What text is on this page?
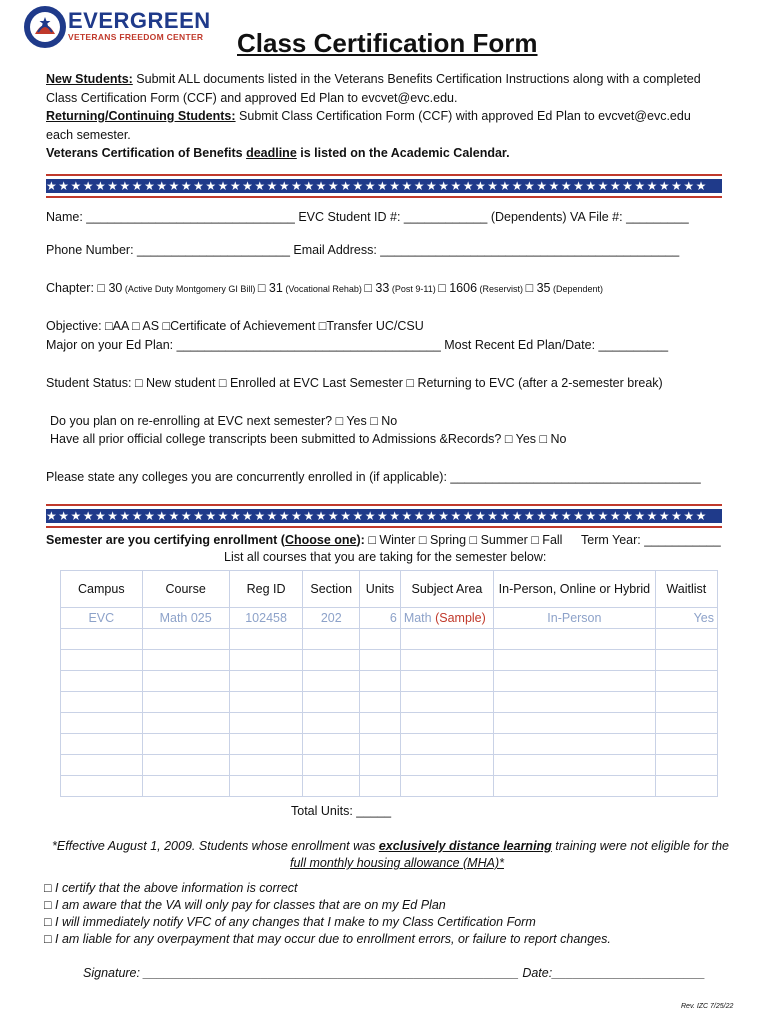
EVERGREEN
VETERANS FREEDOM CENTER Class Certification Form
New Students: Submit ALL documents listed in the Veterans Benefits Certification Instructions along with a completed
Class Certification Form (CCF) and approved Ed Plan to evcvet@evc.edu.
Returning/Continuing Students: Submit Class Certification Form (CCF) with approved Ed Plan to evcvet@evc.edu
each semester.
Veterans Certification of Benefits deadline is listed on the Academic Calendar.
★★★★★★★★★★★★★★★★★★★★★★★★★★★★★★★★★★★★★★★★★★★★★★★★★★★★★★
Name: ______________________________ EVC Student ID #: ____________ (Dependents) VA File #: _________
Phone Number: ______________________ Email Address: ___________________________________________
Chapter: □ 30 (Active Duty Montgomery GI Bill) □ 31 (Vocational Rehab) □ 33 (Post 9-11) □ 1606 (Reservist) □ 35 (Dependent)
Objective: □AA □ AS □Certificate of Achievement □Transfer UC/CSU
Major on your Ed Plan: ______________________________________ Most Recent Ed Plan/Date: __________
Student Status: □ New student □ Enrolled at EVC Last Semester □ Returning to EVC (after a 2-semester break)
Do you plan on re-enrolling at EVC next semester? □ Yes □ No
Have all prior official college transcripts been submitted to Admissions &Records? □ Yes □ No
Please state any colleges you are concurrently enrolled in (if applicable): ____________________________________
★★★★★★★★★★★★★★★★★★★★★★★★★★★★★★★★★★★★★★★★★★★★★★★★★★★★★★
Semester are you certifying enrollment (Choose one): □ Winter □ Spring □ Summer □ Fall Term Year: ___________
List all courses that you are taking for the semester below:
Campus	Course	Reg ID	Section	Units	Subject Area	In-Person, Online or Hybrid	Waitlist
EVC	Math 025	102458	202	6	Math (Sample)	In-Person	Yes

Total Units: _____
*Effective August 1, 2009. Students whose enrollment was exclusively distance learning training were not eligible for the
full monthly housing allowance (MHA)*
□ I certify that the above information is correct
□ I am aware that the VA will only pay for classes that are on my Ed Plan
□ I will immediately notify VFC of any changes that I make to my Class Certification Form
□ I am liable for any overpayment that may occur due to enrollment errors, or failure to report changes.
Signature: ______________________________________________________ Date:______________________
Rev. IZC 7/25/22
